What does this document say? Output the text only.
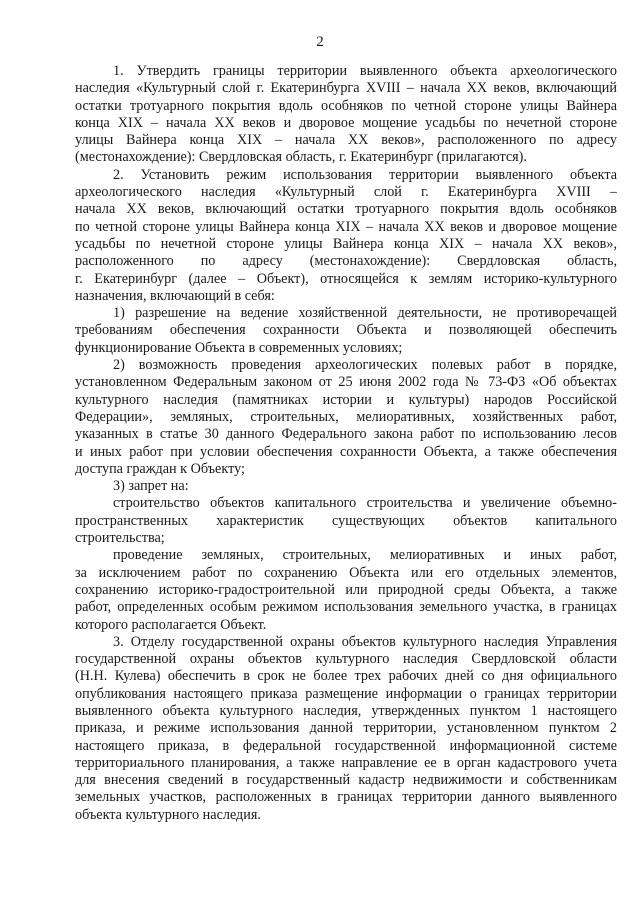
2
1. Утвердить границы территории выявленного объекта археологического
наследия «Культурный слой г. Екатеринбурга XVIII – начала XX веков, включающий
остатки тротуарного покрытия вдоль особняков по четной стороне улицы Вайнера
конца XIX – начала XX веков и дворовое мощение усадьбы по нечетной стороне
улицы Вайнера конца XIX – начала XX веков», расположенного по адресу
(местонахождение): Свердловская область, г. Екатеринбург (прилагаются).
2. Установить режим использования территории выявленного объекта
археологического наследия «Культурный слой г. Екатеринбурга XVIII –
начала XX веков, включающий остатки тротуарного покрытия вдоль особняков
по четной стороне улицы Вайнера конца XIX – начала XX веков и дворовое мощение
усадьбы по нечетной стороне улицы Вайнера конца XIX – начала XX веков»,
расположенного по адресу (местонахождение): Свердловская область,
г. Екатеринбург (далее – Объект), относящейся к землям историко-культурного
назначения, включающий в себя:
1) разрешение на ведение хозяйственной деятельности, не противоречащей
требованиям обеспечения сохранности Объекта и позволяющей обеспечить
функционирование Объекта в современных условиях;
2) возможность проведения археологических полевых работ в порядке,
установленном Федеральным законом от 25 июня 2002 года № 73-ФЗ «Об объектах
культурного наследия (памятниках истории и культуры) народов Российской
Федерации», земляных, строительных, мелиоративных, хозяйственных работ,
указанных в статье 30 данного Федерального закона работ по использованию лесов
и иных работ при условии обеспечения сохранности Объекта, а также обеспечения
доступа граждан к Объекту;
3) запрет на:
строительство объектов капитального строительства и увеличение объемно-
пространственных характеристик существующих объектов капитального
строительства;
проведение земляных, строительных, мелиоративных и иных работ,
за исключением работ по сохранению Объекта или его отдельных элементов,
сохранению историко-градостроительной или природной среды Объекта, а также
работ, определенных особым режимом использования земельного участка, в границах
которого располагается Объект.
3. Отделу государственной охраны объектов культурного наследия Управления
государственной охраны объектов культурного наследия Свердловской области
(Н.Н. Кулева) обеспечить в срок не более трех рабочих дней со дня официального
опубликования настоящего приказа размещение информации о границах территории
выявленного объекта культурного наследия, утвержденных пунктом 1 настоящего
приказа, и режиме использования данной территории, установленном пунктом 2
настоящего приказа, в федеральной государственной информационной системе
территориального планирования, а также направление ее в орган кадастрового учета
для внесения сведений в государственный кадастр недвижимости и собственникам
земельных участков, расположенных в границах территории данного выявленного
объекта культурного наследия.
